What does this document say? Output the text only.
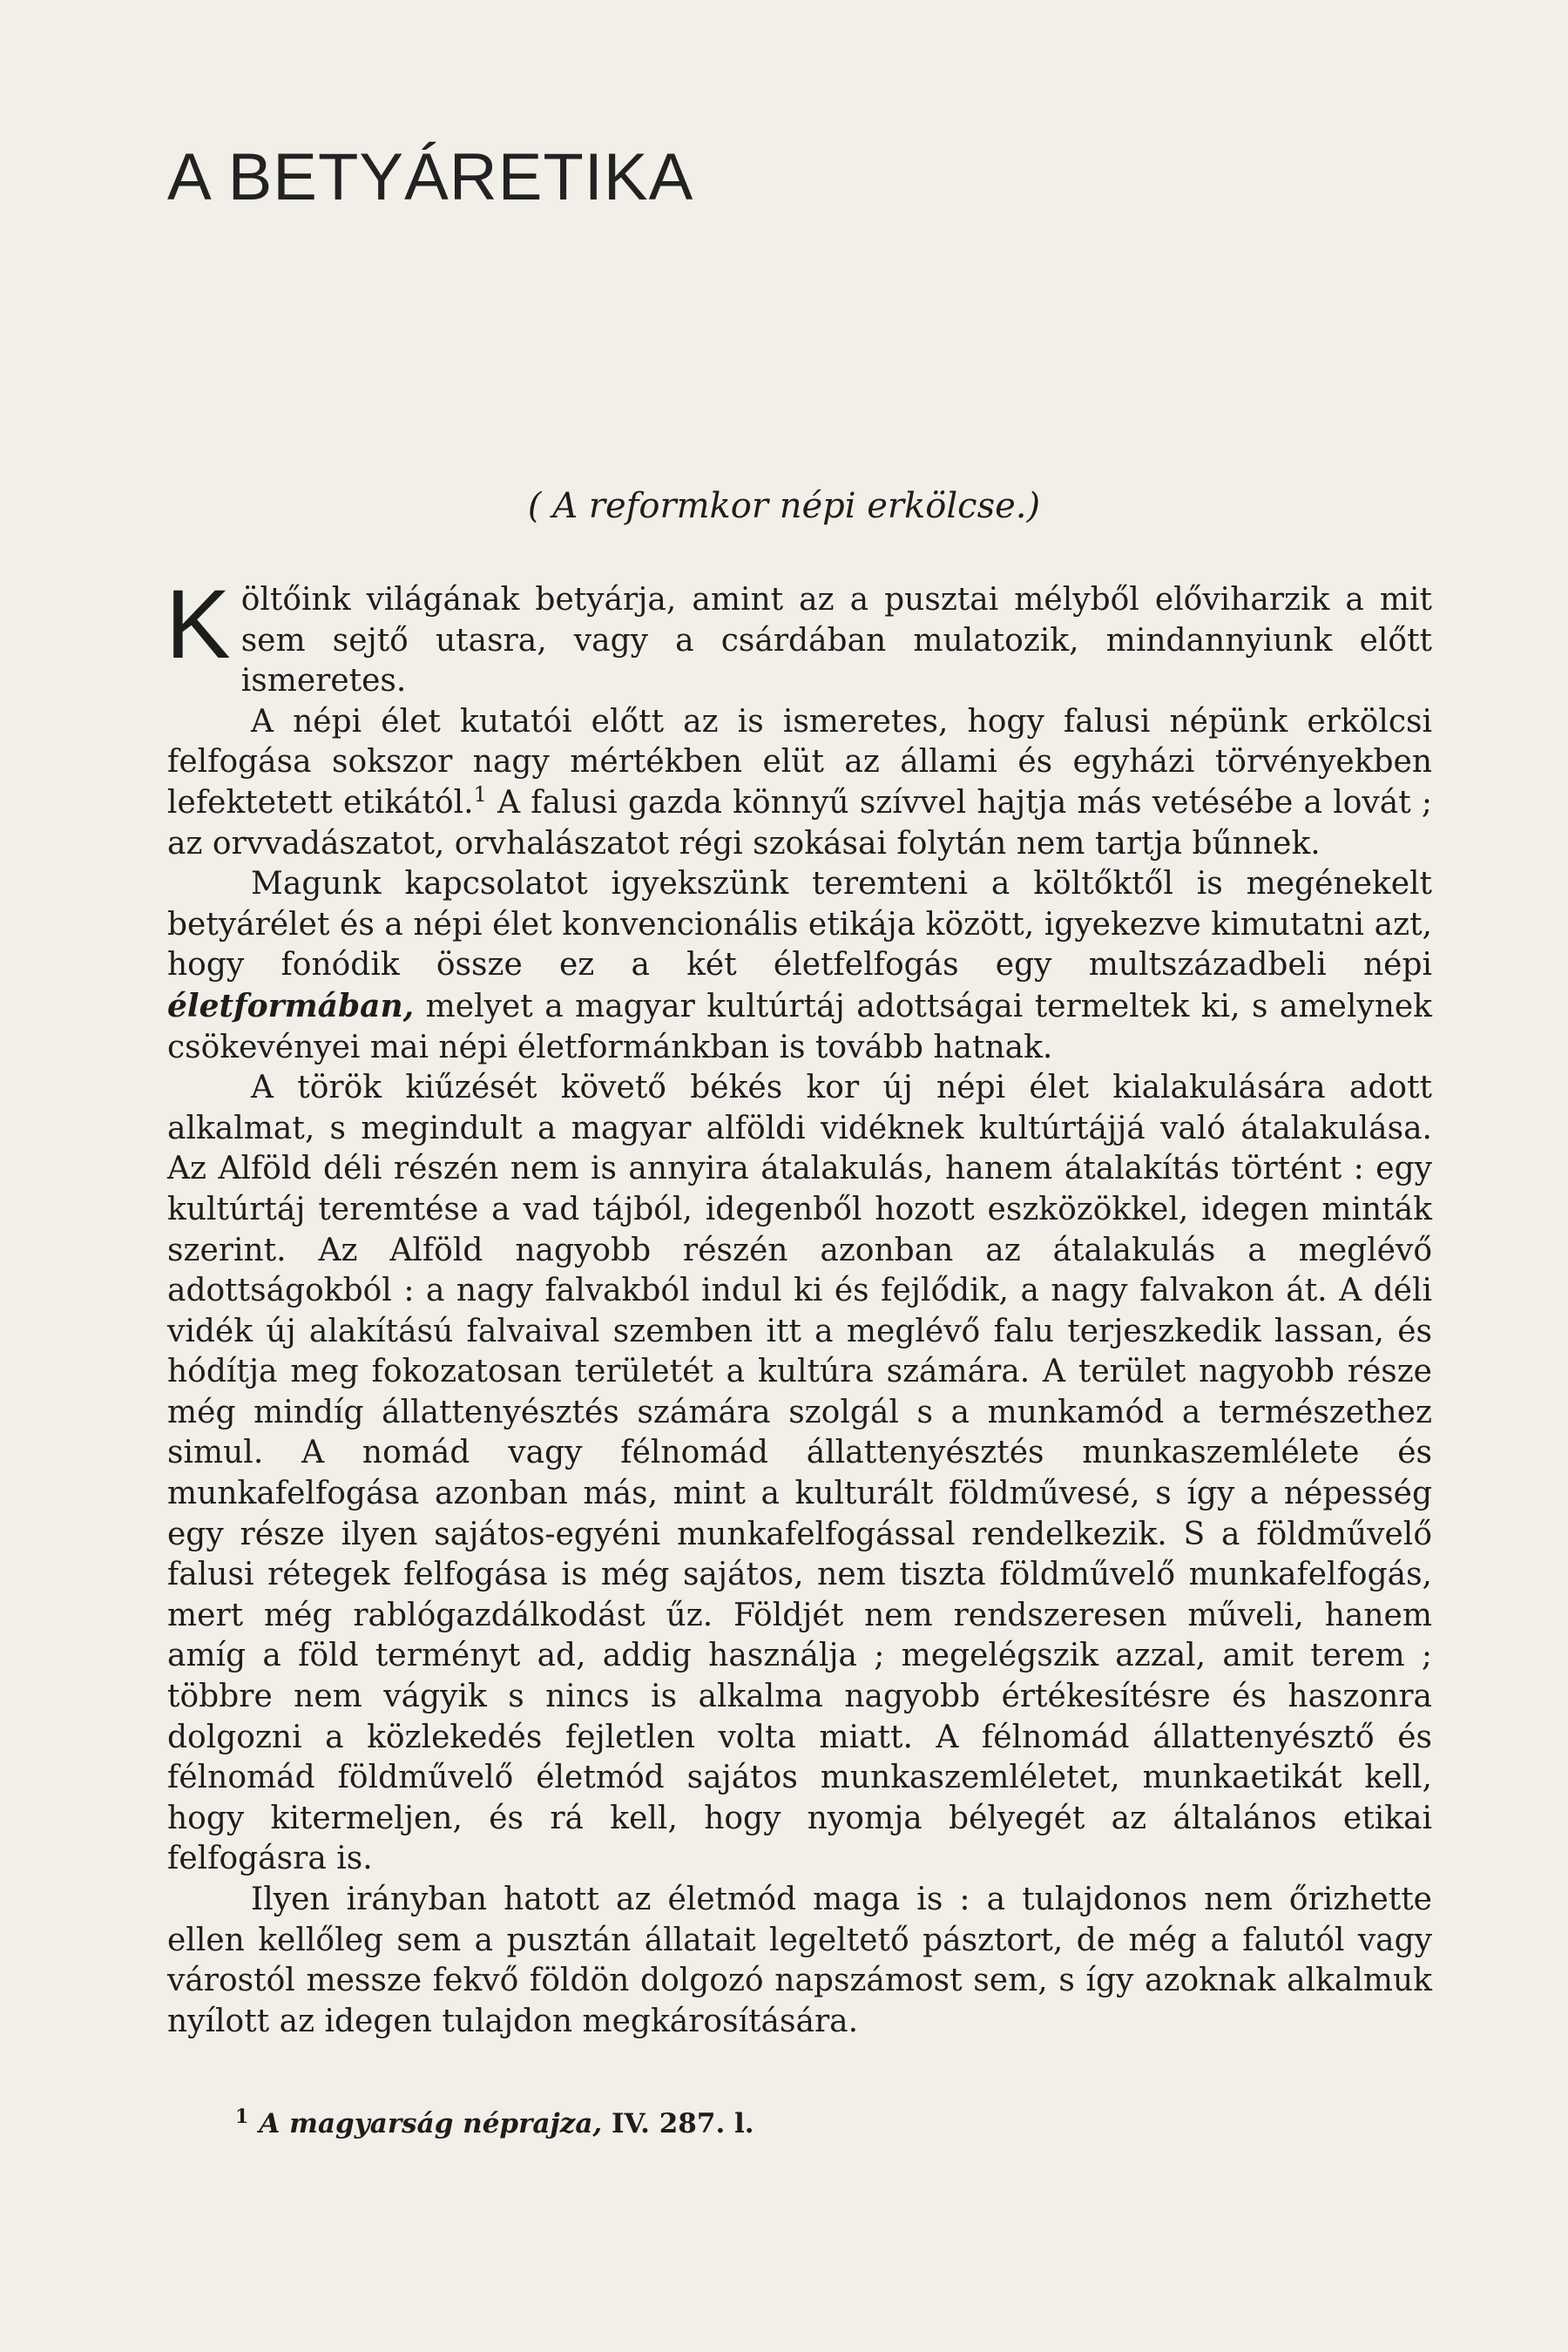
A BETYÁRETIKA

( A reformkor népi erkölcse.)

Költőink világának betyárja, amint az a pusztai mélyből előviharzik a mit sem sejtő utasra, vagy a csárdában mulatozik, mindannyiunk előtt ismeretes.

A népi élet kutatói előtt az is ismeretes, hogy falusi népünk erkölcsi felfogása sokszor nagy mértékben elüt az állami és egyházi törvényekben lefektetett etikától.$^1$ A falusi gazda könnyű szívvel hajtja más vetésébe a lovát ; az orvvadászatot, orvhalászatot régi szokásai folytán nem tartja bűnnek.

Magunk kapcsolatot igyekszünk teremteni a költőktől is megénekelt betyárélet és a népi élet konvencionális etikája között, igyekezve kimutatni azt, hogy fonódik össze ez a két életfelfogás egy multszázadbeli népi életformában, melyet a magyar kultúrtáj adottságai termeltek ki, s amelynek csökevényei mai népi életformánkban is tovább hatnak.

A török kiűzését követő békés kor új népi élet kialakulására adott alkalmat, s megindult a magyar alföldi vidéknek kultúrtájjá való átalakulása. Az Alföld déli részén nem is annyira átalakulás, hanem átalakítás történt : egy kultúrtáj teremtése a vad tájból, idegenből hozott eszközökkel, idegen minták szerint. Az Alföld nagyobb részén azonban az átalakulás a meglévő adottságokból : a nagy falvakból indul ki és fejlődik, a nagy falvakon át. A déli vidék új alakítású falvaival szemben itt a meglévő falu terjeszkedik lassan, és hódítja meg fokozatosan területét a kultúra számára. A terület nagyobb része még mindíg állattenyésztés számára szolgál s a munkamód a természethez simul. A nomád vagy félnomád állattenyésztés munkaszemlélete és munkafelfogása azonban más, mint a kulturált földművesé, s így a népesség egy része ilyen sajátos-egyéni munkafelfogással rendelkezik. S a földművelő falusi rétegek felfogása is még sajátos, nem tiszta földművelő munkafelfogás, mert még rablógazdálkodást űz. Földjét nem rendszeresen műveli, hanem amíg a föld terményt ad, addig használja ; megelégszik azzal, amit terem ; többre nem vágyik s nincs is alkalma nagyobb értékesítésre és haszonra dolgozni a közlekedés fejletlen volta miatt. A félnomád állattenyésztő és félnomád földművelő életmód sajátos munkaszemléletet, munkaetikát kell, hogy kitermeljen, és rá kell, hogy nyomja bélyegét az általános etikai felfogásra is.

Ilyen irányban hatott az életmód maga is : a tulajdonos nem őrizhette ellen kellőleg sem a pusztán állatait legeltető pásztort, de még a falutól vagy várostól messze fekvő földön dolgozó napszámost sem, s így azoknak alkalmuk nyílott az idegen tulajdon megkárosítására.

$^1$ A magyarság néprajza, IV. 287. l.
